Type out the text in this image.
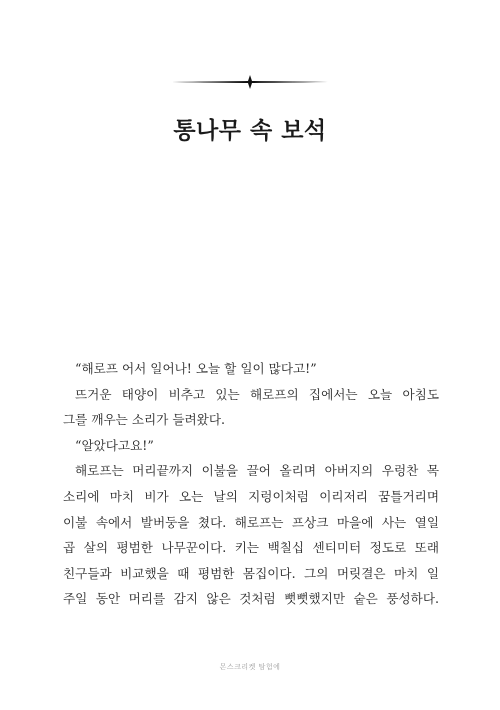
통나무 속 보석
“해로프 어서 일어나! 오늘 할 일이 많다고!”
뜨거운 태양이 비추고 있는 해로프의 집에서는 오늘 아침도
그를 깨우는 소리가 들려왔다.
“알았다고요!”
해로프는 머리끝까지 이불을 끌어 올리며 아버지의 우렁찬 목
소리에 마치 비가 오는 날의 지렁이처럼 이리저리 꿈틀거리며
이불 속에서 발버둥을 쳤다. 해로프는 프상크 마을에 사는 열일
곱 살의 평범한 나무꾼이다. 키는 백칠십 센티미터 정도로 또래
친구들과 비교했을 때 평범한 몸집이다. 그의 머릿결은 마치 일
주일 동안 머리를 감지 않은 것처럼 뻣뻣했지만 숱은 풍성하다.
몬스크리켓 탐험에
